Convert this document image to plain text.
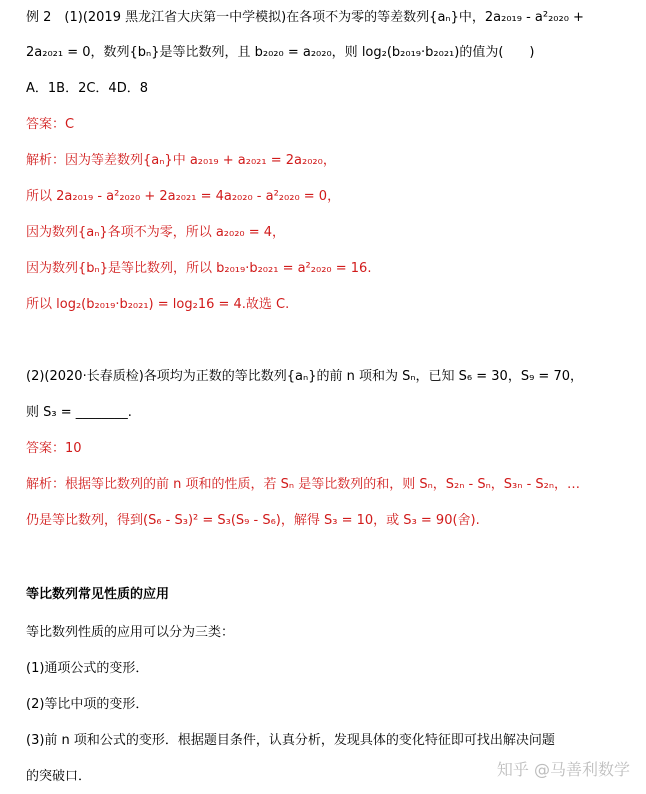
例 2　(1)(2019 黑龙江省大庆第一中学模拟)在各项不为零的等差数列{aₙ}中，2a₂₀₁₉ - a²₂₀₂₀ +
2a₂₀₂₁ = 0，数列{bₙ}是等比数列，且 b₂₀₂₀ = a₂₀₂₀，则 log₂(b₂₀₁₉·b₂₀₂₁)的值为(　　)
A．1B．2C．4D．8
答案：C
解析：因为等差数列{aₙ}中 a₂₀₁₉ + a₂₀₂₁ = 2a₂₀₂₀，
所以 2a₂₀₁₉ - a²₂₀₂₀ + 2a₂₀₂₁ = 4a₂₀₂₀ - a²₂₀₂₀ = 0，
因为数列{aₙ}各项不为零，所以 a₂₀₂₀ = 4，
因为数列{bₙ}是等比数列，所以 b₂₀₁₉·b₂₀₂₁ = a²₂₀₂₀ = 16.
所以 log₂(b₂₀₁₉·b₂₀₂₁) = log₂16 = 4.故选 C.
(2)(2020·长春质检)各项均为正数的等比数列{aₙ}的前 n 项和为 Sₙ，已知 S₆ = 30，S₉ = 70，
则 S₃ = ________.
答案：10
解析：根据等比数列的前 n 项和的性质，若 Sₙ 是等比数列的和，则 Sₙ，S₂ₙ - Sₙ，S₃ₙ - S₂ₙ，…
仍是等比数列，得到(S₆ - S₃)² = S₃(S₉ - S₆)，解得 S₃ = 10，或 S₃ = 90(舍).
等比数列常见性质的应用
等比数列性质的应用可以分为三类：
(1)通项公式的变形．
(2)等比中项的变形．
(3)前 n 项和公式的变形．根据题目条件，认真分析，发现具体的变化特征即可找出解决问题
的突破口．	知乎 @马善利数学
